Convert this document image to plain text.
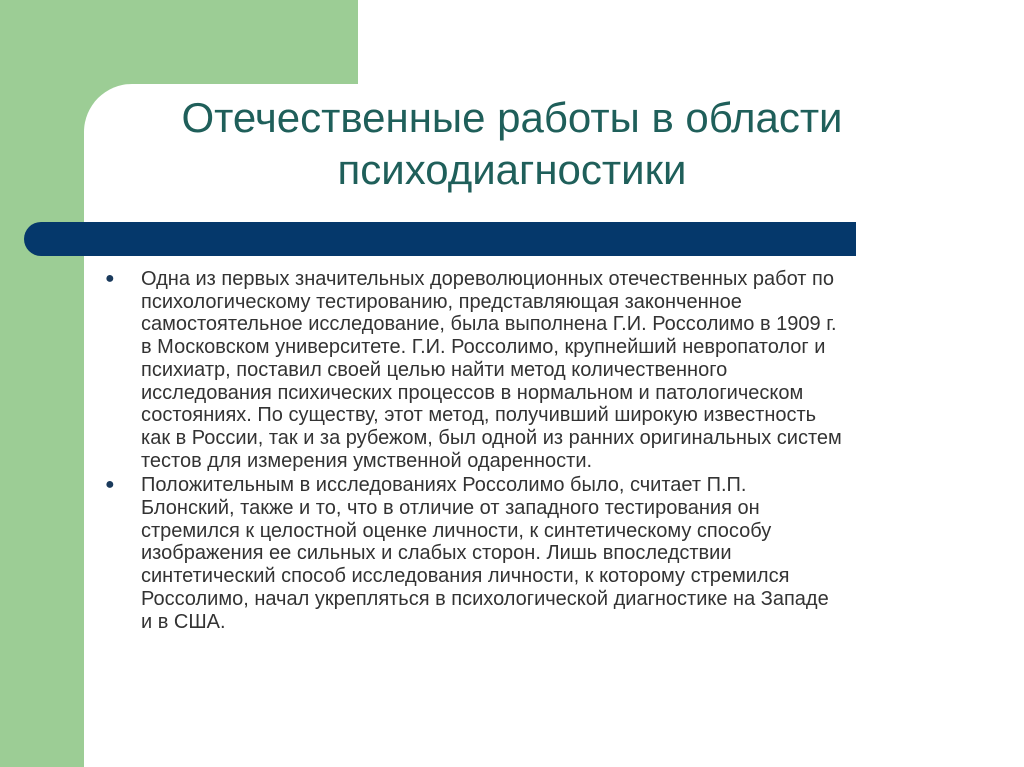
Отечественные работы в области
психодиагностики
● Одна из первых значительных дореволюционных отечественных работ по
психологическому тестированию, представляющая законченное
самостоятельное исследование, была выполнена Г.И. Россолимо в 1909 г.
в Московском университете. Г.И. Россолимо, крупнейший невропатолог и
психиатр, поставил своей целью найти метод количественного
исследования психических процессов в нормальном и патологическом
состояниях. По существу, этот метод, получивший широкую известность
как в России, так и за рубежом, был одной из ранних оригинальных систем
тестов для измерения умственной одаренности.
● Положительным в исследованиях Россолимо было, считает П.П.
Блонский, также и то, что в отличие от западного тестирования он
стремился к целостной оценке личности, к синтетическому способу
изображения ее сильных и слабых сторон. Лишь впоследствии
синтетический способ исследования личности, к которому стремился
Россолимо, начал укрепляться в психологической диагностике на Западе
и в США.
